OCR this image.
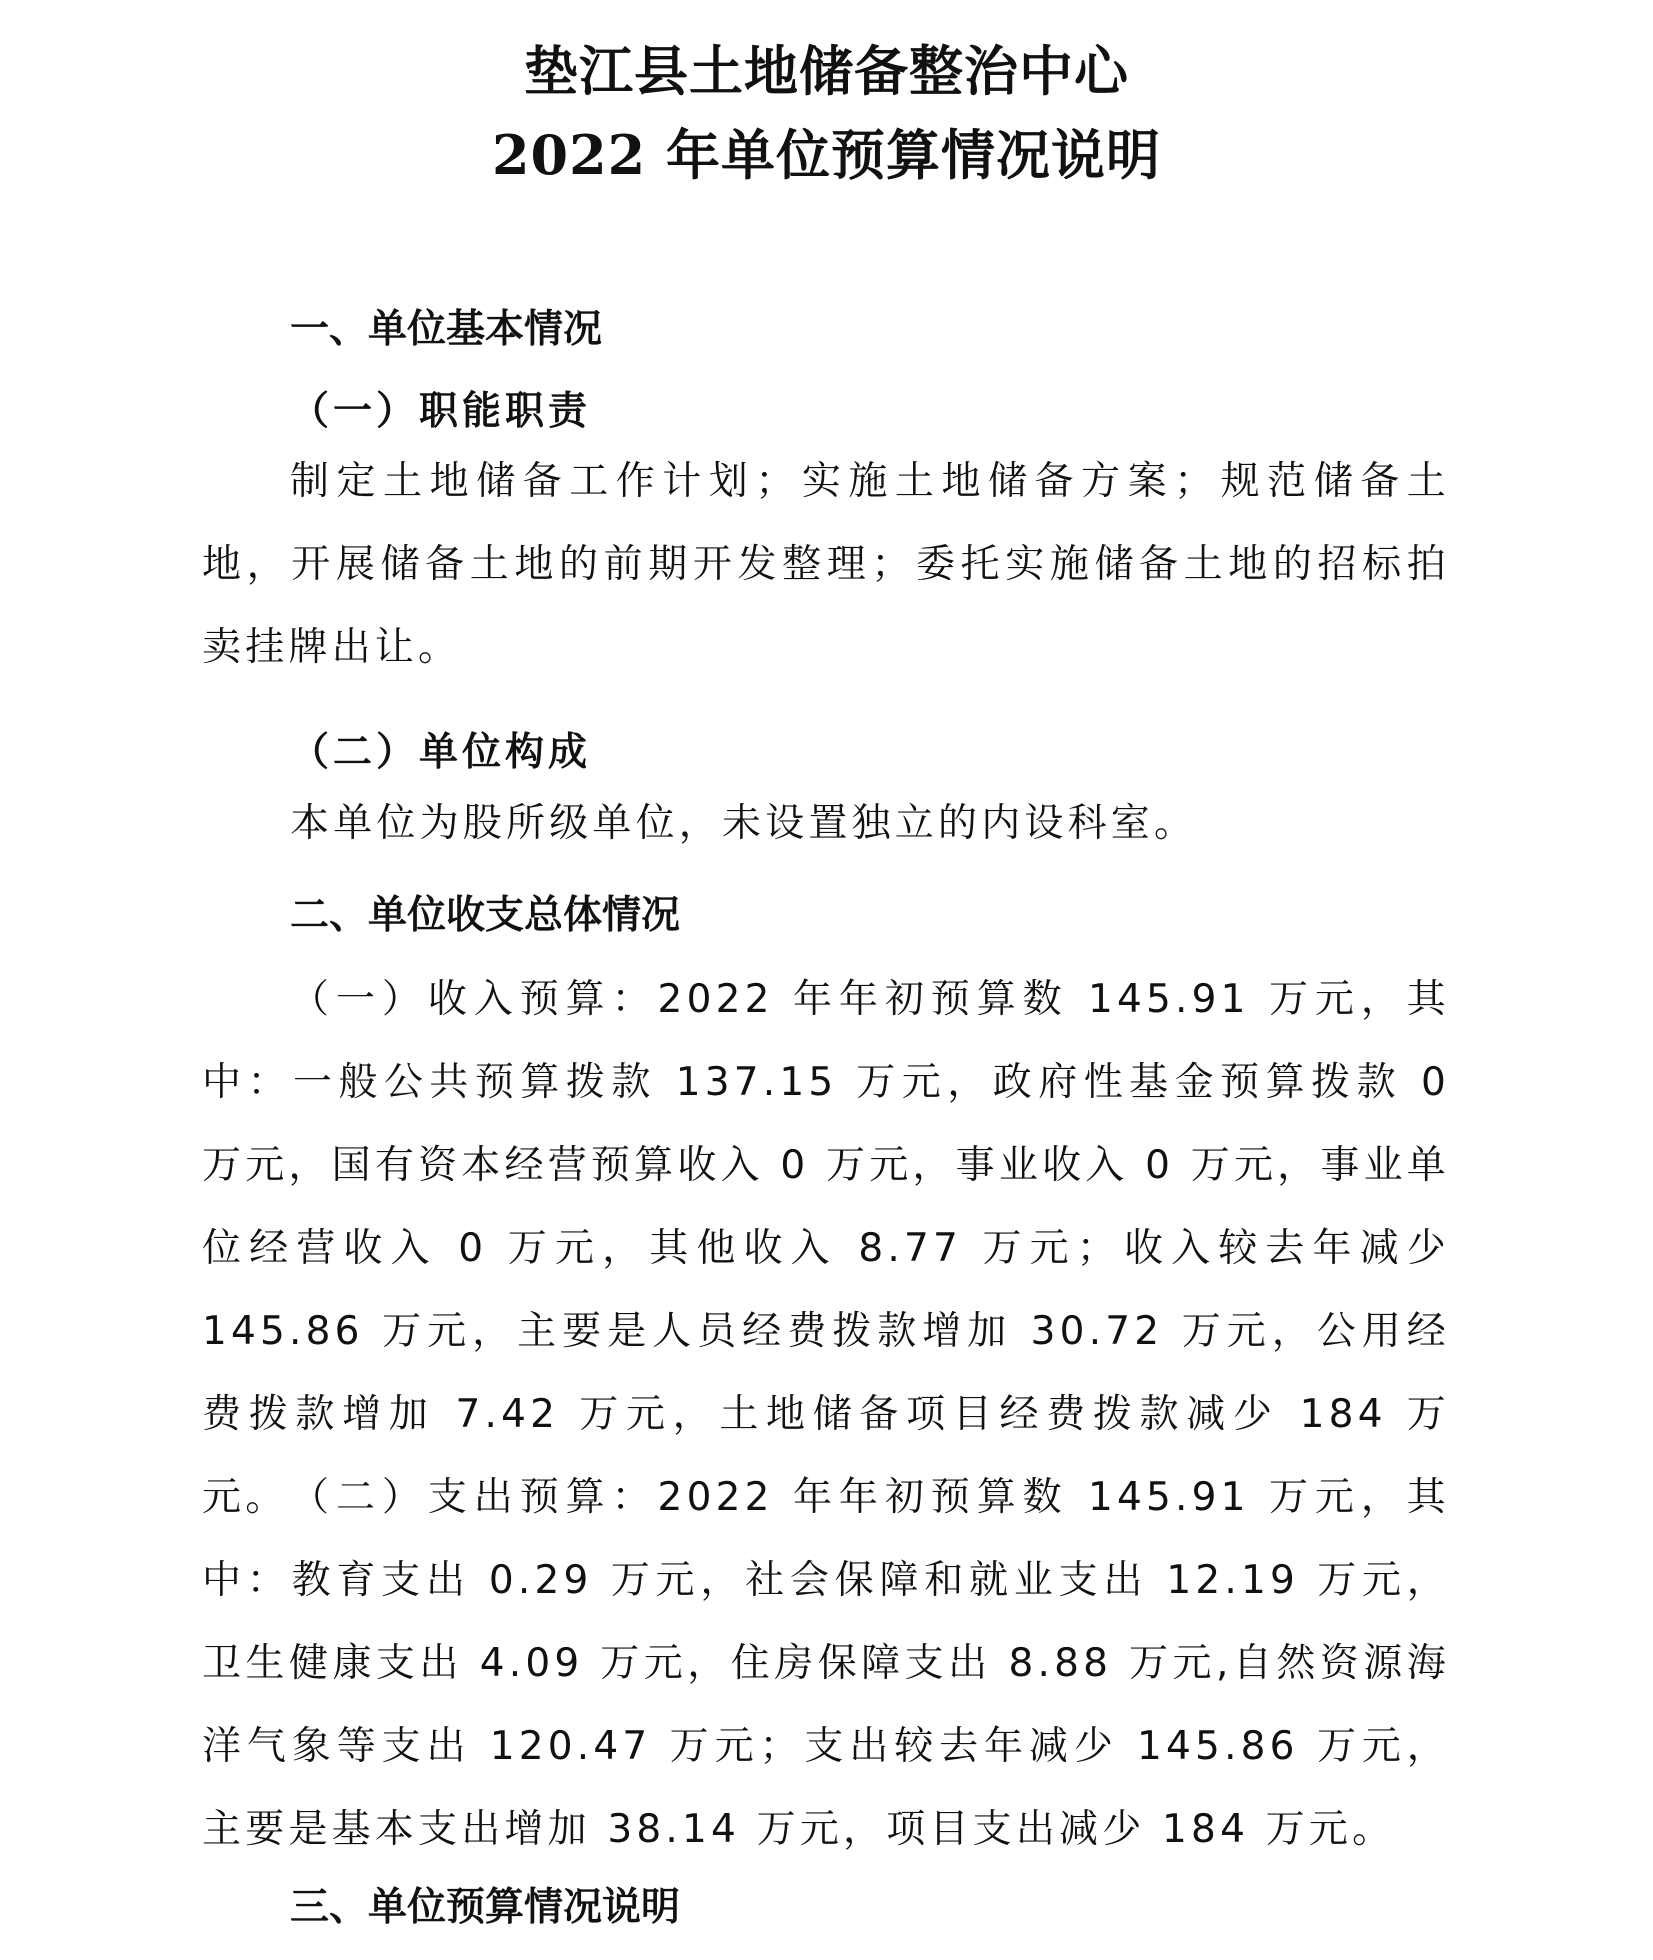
垫江县土地储备整治中心
2022 年单位预算情况说明
一、单位基本情况
（一）职能职责

制定土地储备工作计划；实施土地储备方案；规范储备土地，开展储备土地的前期开发整理；委托实施储备土地的招标拍卖挂牌出让。

（二）单位构成

本单位为股所级单位，未设置独立的内设科室。

二、单位收支总体情况

（一）收入预算：2022 年年初预算数 145.91 万元，其中：一般公共预算拨款 137.15 万元，政府性基金预算拨款 0 万元，国有资本经营预算收入 0 万元，事业收入 0 万元，事业单位经营收入 0 万元，其他收入 8.77 万元；收入较去年减少 145.86 万元，主要是人员经费拨款增加 30.72 万元，公用经费拨款增加 7.42 万元，土地储备项目经费拨款减少 184 万元。 （二）支出预算：2022 年年初预算数 145.91 万元，其中：教育支出 0.29 万元，社会保障和就业支出 12.19 万元，卫生健康支出 4.09 万元，住房保障支出 8.88 万元,自然资源海洋气象等支出 120.47 万元；支出较去年减少 145.86 万元，主要是基本支出增加 38.14 万元，项目支出减少 184 万元。

三、单位预算情况说明
